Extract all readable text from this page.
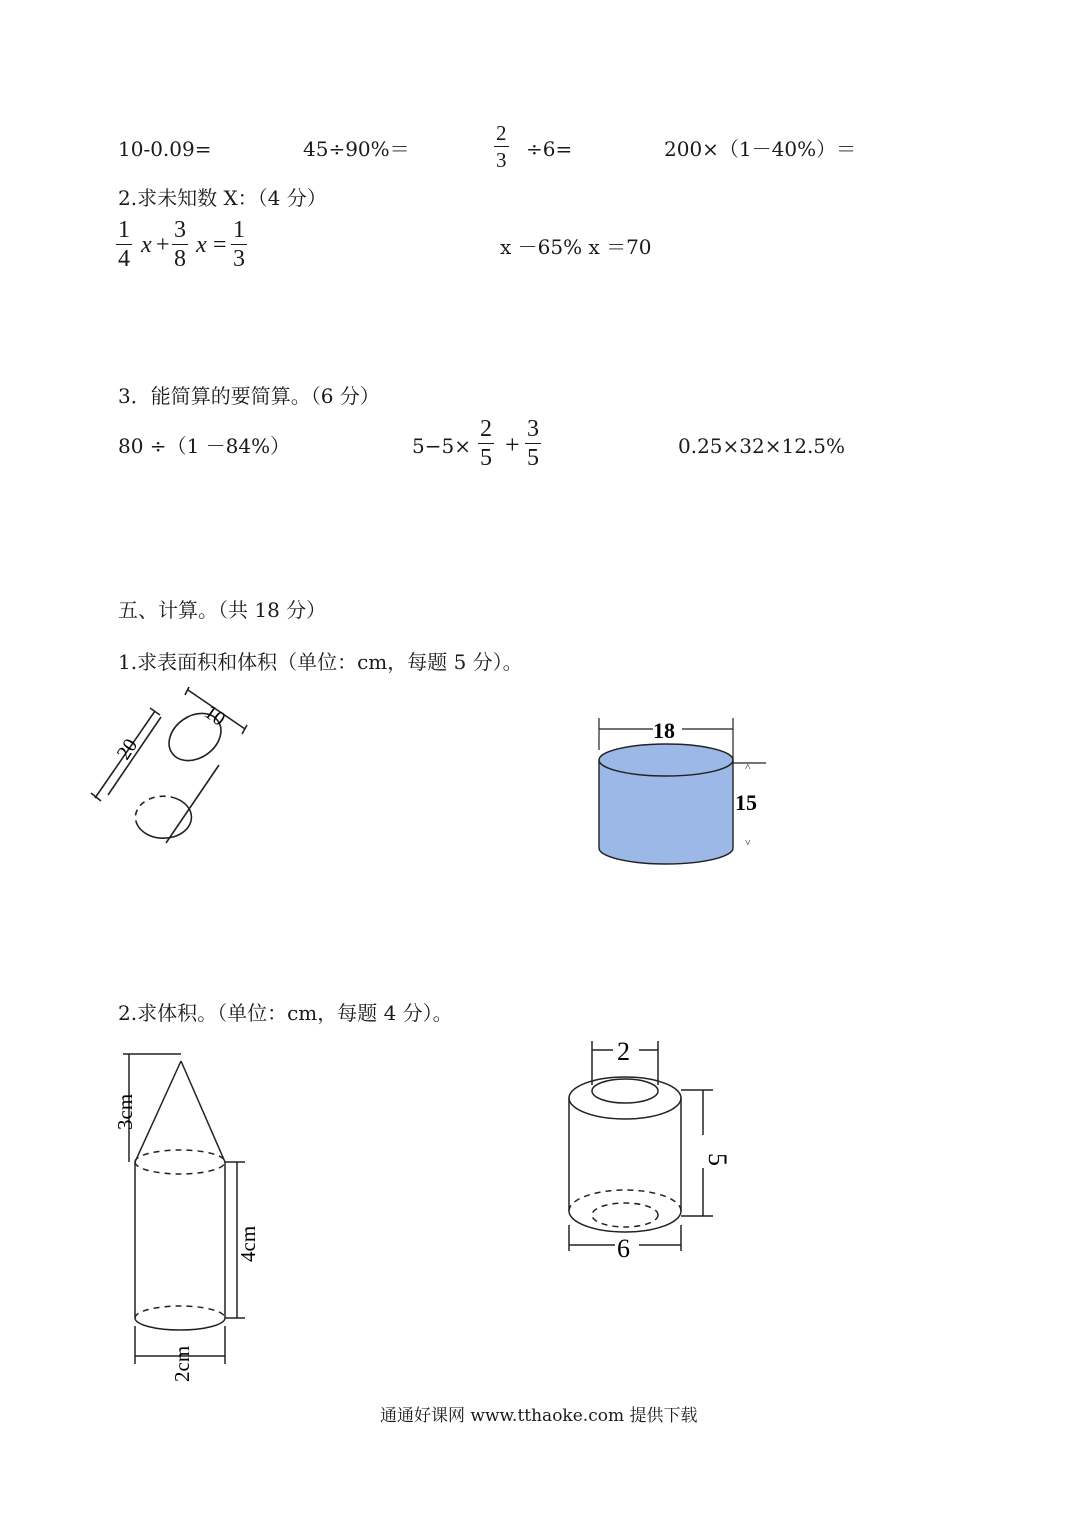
10-0.09=	45÷90%＝
2
3 ÷6=	200×（1－40%）＝
2.求未知数 X：（4 分）
1
4
x +
3
8
x =
1
3	x －65% x ＝70
3．能简算的要简算。（6 分）
80 ÷（1 －84%）	5−5×
2
5 +
3
5	0.25×32×12.5%
五、计算。（共 18 分）
1.求表面积和体积（单位：cm，每题 5 分）。
20
10	18
15
˄
˅
2.求体积。（单位：cm，每题 4 分）。
3cm
4cm
2cm
2
5
6
通通好课网 www.tthaoke.com 提供下载
